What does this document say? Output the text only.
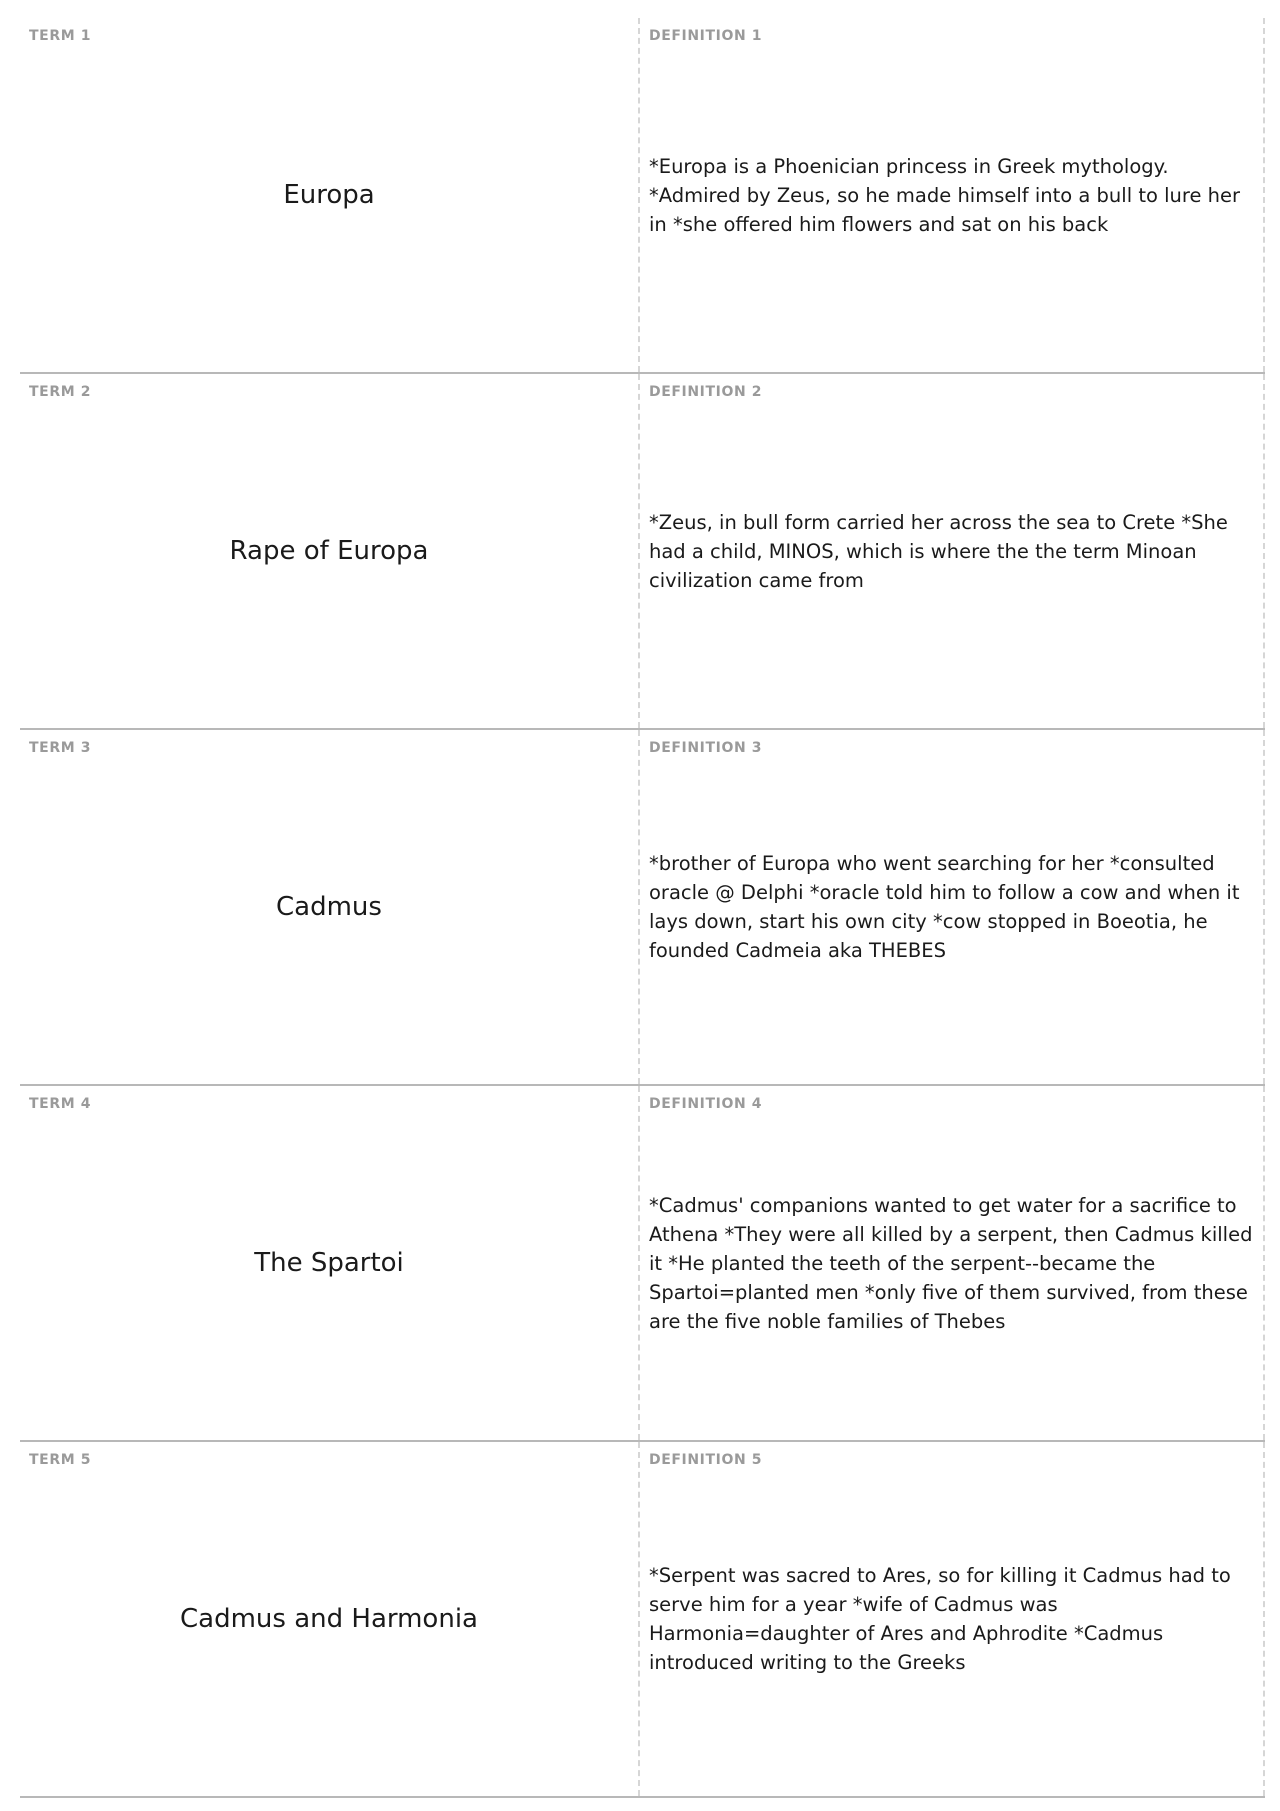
TERM 1
Europa
DEFINITION 1
*Europa is a Phoenician princess in Greek mythology. *Admired by Zeus, so he made himself into a bull to lure her in *she offered him flowers and sat on his back
TERM 2
Rape of Europa
DEFINITION 2
*Zeus, in bull form carried her across the sea to Crete *She had a child, MINOS, which is where the the term Minoan civilization came from
TERM 3
Cadmus
DEFINITION 3
*brother of Europa who went searching for her *consulted oracle @ Delphi *oracle told him to follow a cow and when it lays down, start his own city *cow stopped in Boeotia, he founded Cadmeia aka THEBES
TERM 4
The Spartoi
DEFINITION 4
*Cadmus' companions wanted to get water for a sacrifice to Athena *They were all killed by a serpent, then Cadmus killed it *He planted the teeth of the serpent--became the Spartoi=planted men *only five of them survived, from these are the five noble families of Thebes
TERM 5
Cadmus and Harmonia
DEFINITION 5
*Serpent was sacred to Ares, so for killing it Cadmus had to serve him for a year *wife of Cadmus was Harmonia=daughter of Ares and Aphrodite *Cadmus introduced writing to the Greeks
